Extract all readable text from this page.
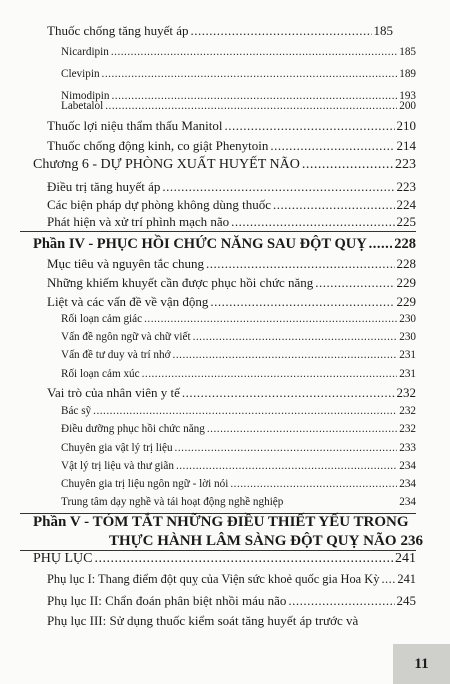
Thuốc chống tăng huyết áp .....	185
Nicardipin .....	185
Clevipin .....	189
Nimodipin .....	193
Labetalol .....	200
Thuốc lợi niệu thẩm thấu Manitol .....	210
Thuốc chống động kinh, co giật Phenytoin .....	214
Chương 6 - DỰ PHÒNG XUẤT HUYẾT NÃO .....	223
Điều trị tăng huyết áp .....	223
Các biện pháp dự phòng không dùng thuốc .....	224
Phát hiện và xử trí phình mạch não .....	225
Phần IV - PHỤC HỒI CHỨC NĂNG SAU ĐỘT QUỴ ..... 228
Mục tiêu và nguyên tắc chung .....	228
Những khiếm khuyết cần được phục hồi chức năng .....	229
Liệt và các vấn đề về vận động .....	229
Rối loạn cảm giác .....	230
Vấn đề ngôn ngữ và chữ viết .....	230
Vấn đề tư duy và trí nhớ .....	231
Rối loạn cảm xúc .....	231
Vai trò của nhân viên y tế .....	232
Bác sỹ .....	232
Điều dưỡng phục hồi chức năng .....	232
Chuyên gia vật lý trị liệu .....	233
Vật lý trị liệu và thư giãn .....	234
Chuyên gia trị liệu ngôn ngữ - lời nói .....	234
Trung tâm dạy nghề và tái hoạt động nghề nghiệp	234
Phần V - TÓM TẮT NHỮNG ĐIỀU THIẾT YẾU TRONG
THỰC HÀNH LÂM SÀNG ĐỘT QUỴ NÃO 236
PHỤ LỤC .....	241
Phụ lục I: Thang điểm đột quỵ của Viện sức khoẻ quốc gia Hoa Kỳ ..... 241
Phụ lục II: Chẩn đoán phân biệt nhồi máu não .....	245
Phụ lục III: Sử dụng thuốc kiểm soát tăng huyết áp trước và
11
